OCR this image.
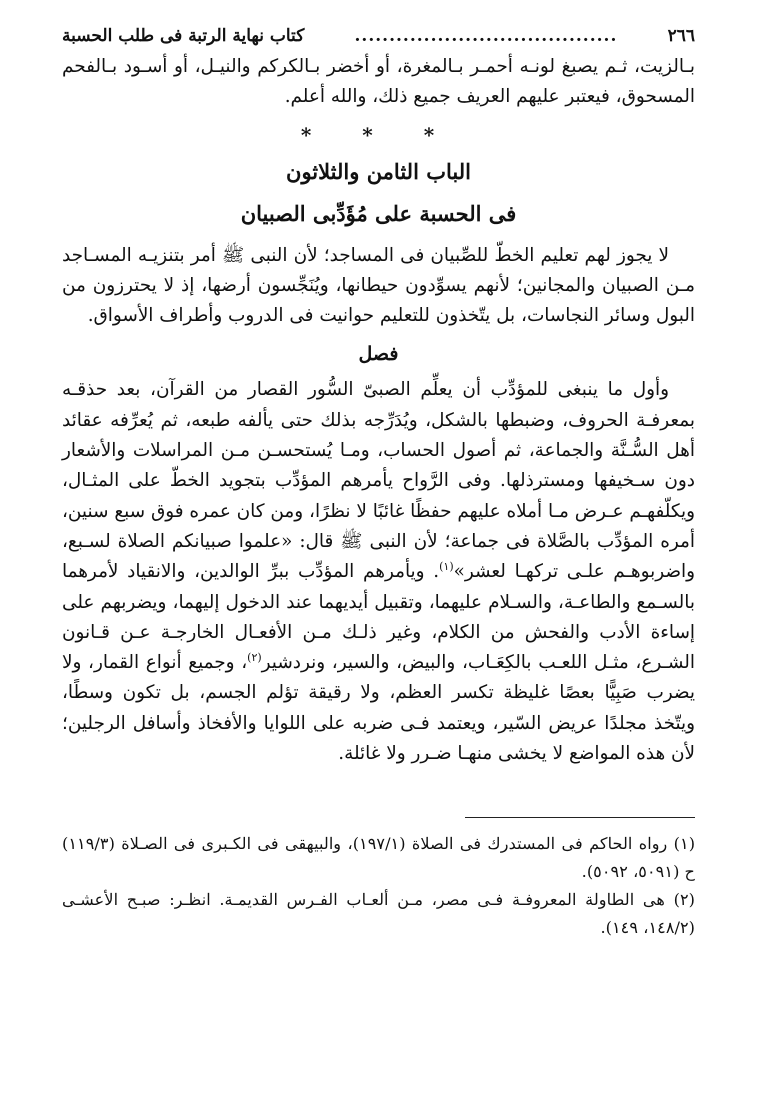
٢٦٦
......................................
كتاب نهاية الرتبة فى طلب الحسبة

بـالزيت، ثـم يصبغ لونـه أحمـر بـالمغرة، أو أخضر بـالكركم والنيـل، أو أسـود بـالفحم المسحوق، فيعتبر عليهم العريف جميع ذلك، والله أعلم.

* * *
الباب الثامن والثلاثون
فى الحسبة على مُؤَدِّبى الصبيان

لا يجوز لهم تعليم الخطّ للصِّبيان فى المساجد؛ لأن النبى ﷺ أمر بتنزيـه المسـاجد مـن الصبيان والمجانين؛ لأنهم يسوِّدون حيطانها، ويُنَجِّسون أرضها، إذ لا يحترزون من البول وسائر النجاسات، بل يتّخذون للتعليم حوانيت فى الدروب وأطراف الأسواق.

فصل

وأول ما ينبغى للمؤدِّب أن يعلِّم الصبىّ السُّور القصار من القرآن، بعد حذقـه بمعرفـة الحروف، وضبطها بالشكل، ويُدَرِّجه بذلك حتى يألفه طبعه، ثم يُعرِّفه عقائد أهل السُّـنَّة والجماعة، ثم أصول الحساب، ومـا يُستحسـن مـن المراسلات والأشعار دون سـخيفها ومسترذلها. وفى الرَّواح يأمرهم المؤدِّب بتجويد الخطّ على المثـال، ويكلّفهـم عـرض مـا أملاه عليهم حفظًا غائبًا لا نظرًا، ومن كان عمره فوق سبع سنين، أمره المؤدِّب بالصَّلاة فى جماعة؛ لأن النبى ﷺ قال: «علموا صبيانكم الصلاة لسـبع، واضربوهـم علـى تركهـا لعشر»$^{(١)}$. ويأمرهم المؤدِّب ببرِّ الوالدين، والانقياد لأمرهما بالسـمع والطاعـة، والسـلام عليهما، وتقبيل أيديهما عند الدخول إليهما، ويضربهم على إساءة الأدب والفحش من الكلام، وغير ذلـك مـن الأفعـال الخارجـة عـن قـانون الشـرع، مثـل اللعـب بالكِعَـاب، والبيض، والسير، ونردشير$^{(٢)}$، وجميع أنواع القمار، ولا يضرب صَبِيًّا بعصًا غليظة تكسر العظم، ولا رقيقة تؤلم الجسم، بل تكون وسطًا، ويتّخذ مجلدًا عريض السّير، ويعتمد فـى ضربه على اللوايا والأفخاذ وأسافل الرجلين؛ لأن هذه المواضع لا يخشى منهـا ضـرر ولا غائلة.

(١) رواه الحاكم فى المستدرك فى الصلاة (١٩٧/١)، والبيهقى فى الكـبرى فى الصـلاة (١١٩/٣) ح (٥٠٩١، ٥٠٩٢).

(٢) هى الطاولة المعروفـة فـى مصر، مـن ألعـاب الفـرس القديمـة. انظـر: صبـح الأعشـى (١٤٨/٢، ١٤٩).
